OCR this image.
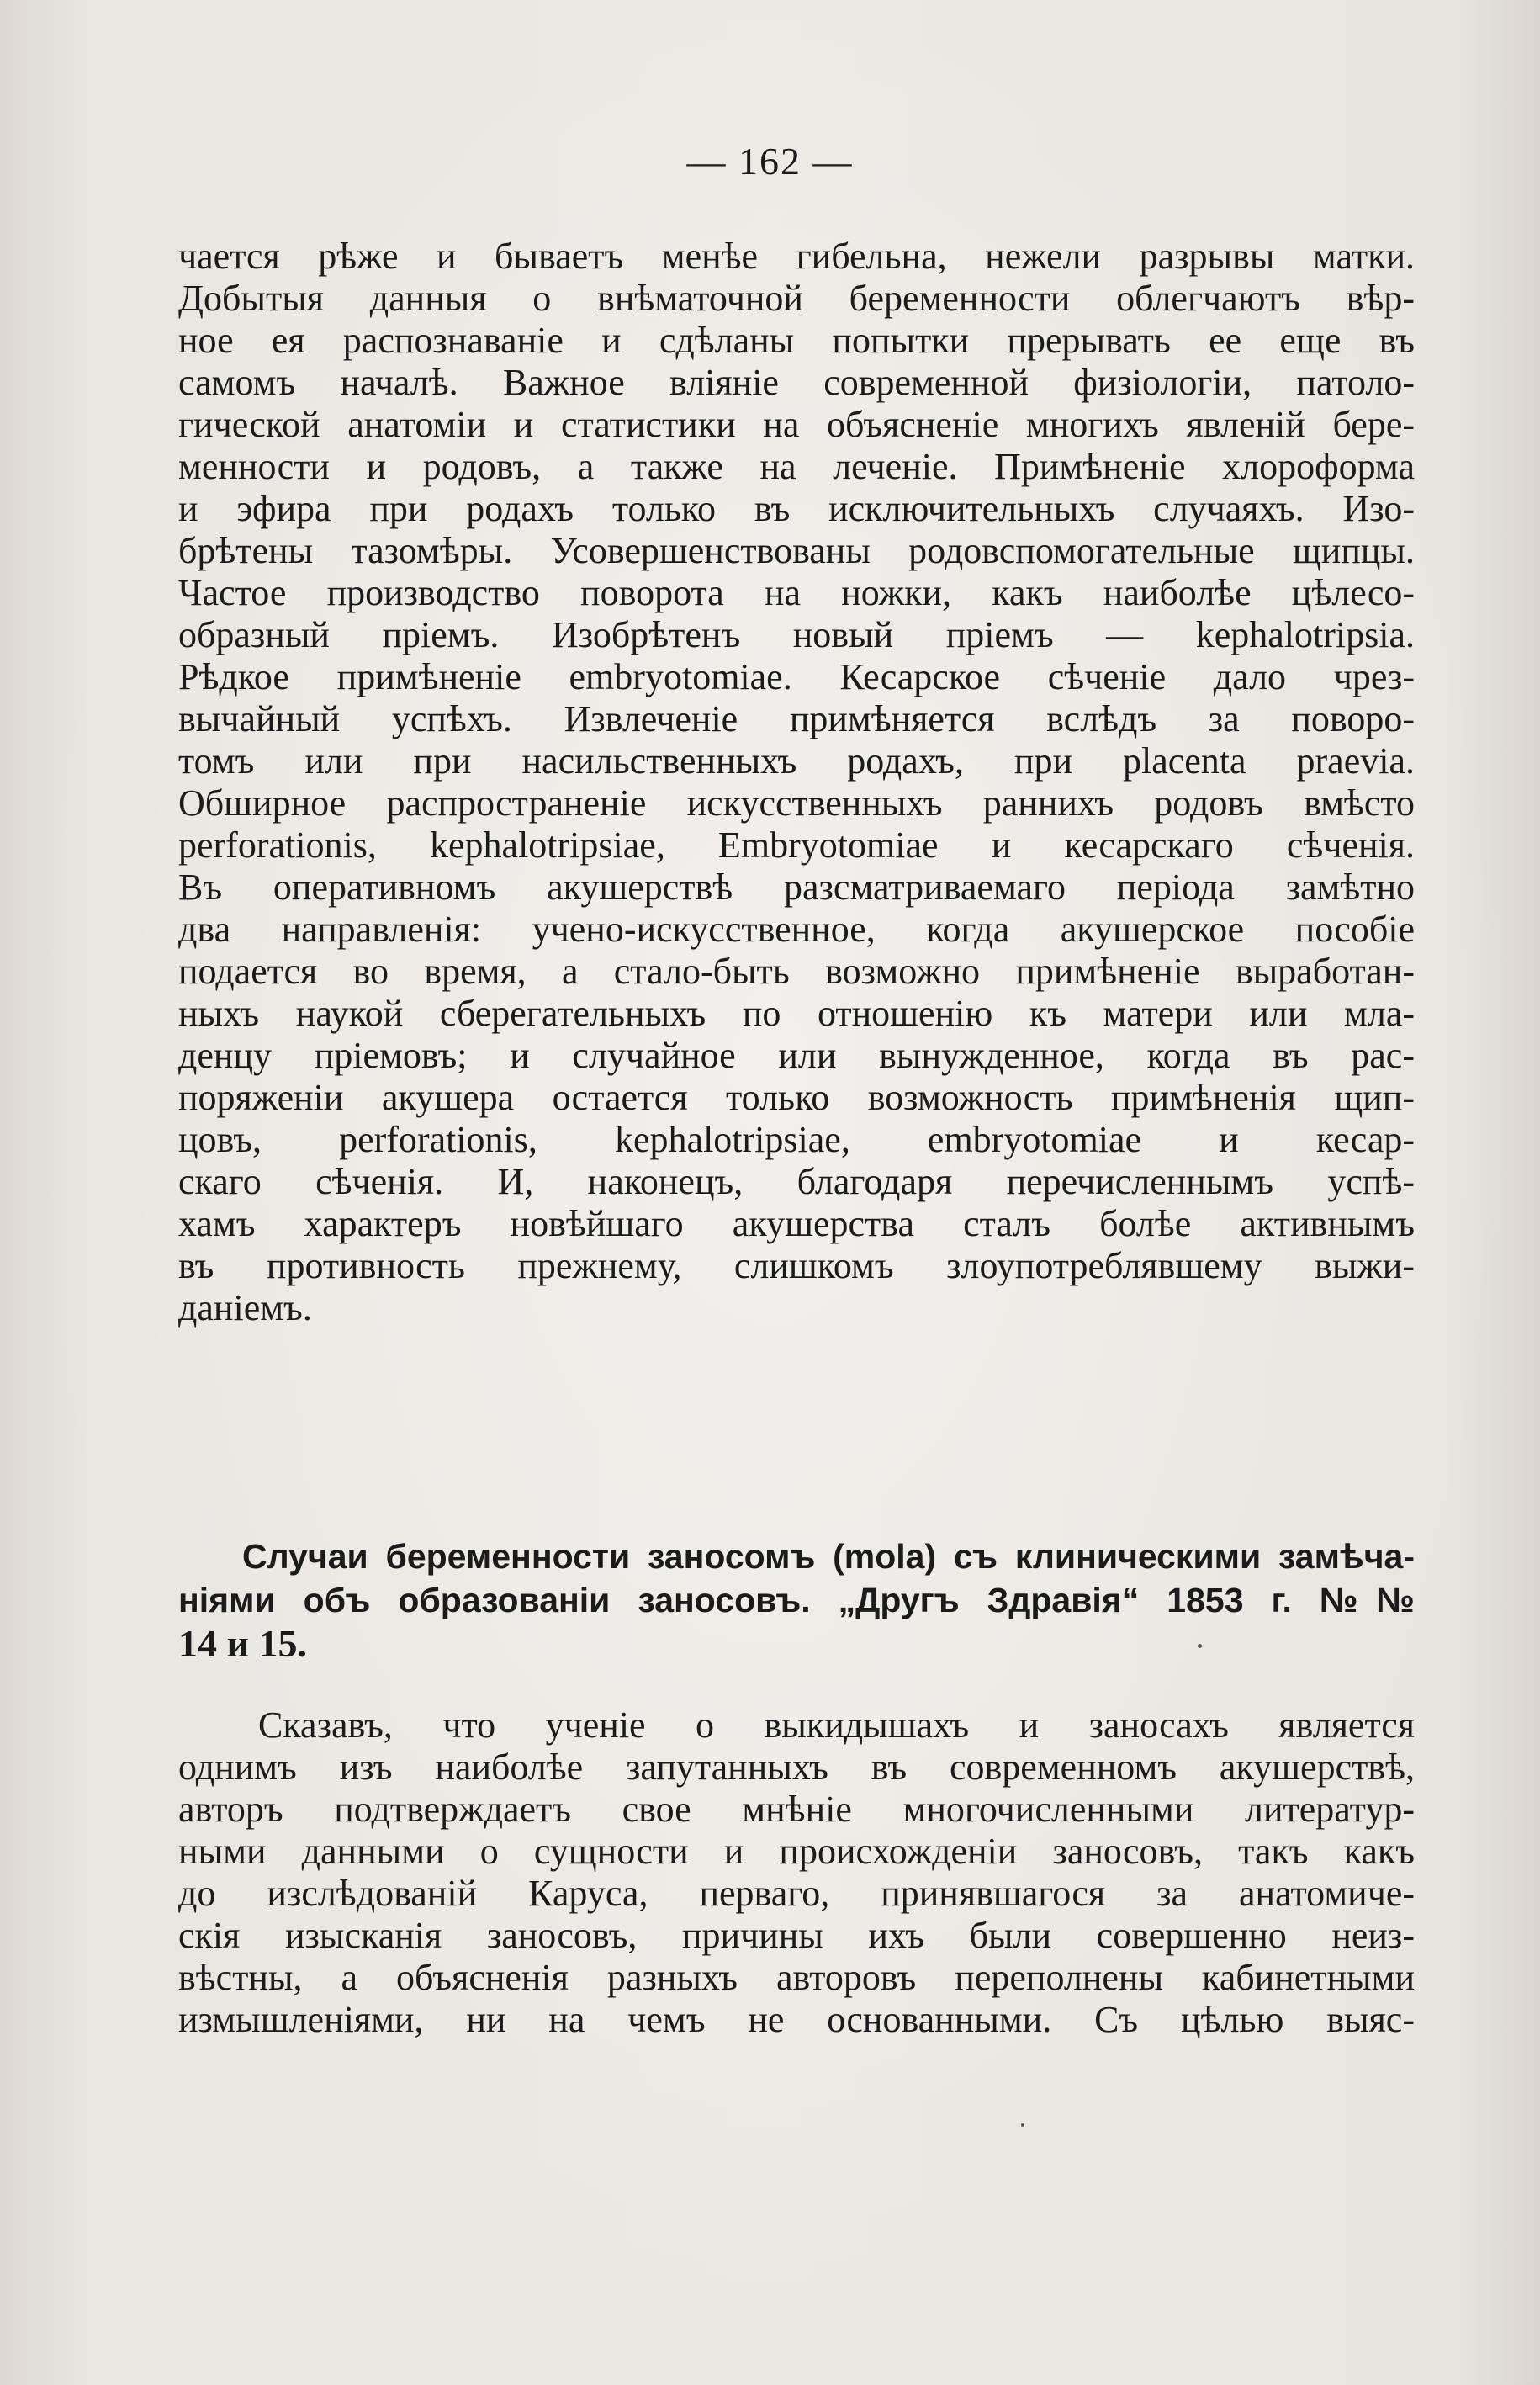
— 162 —
чается рѣже и бываетъ менѣе гибельна, нежели разрывы матки.
Добытыя данныя о внѣматочной беременности облегчаютъ вѣр-
ное ея распознаваніе и сдѣланы попытки прерывать ее еще въ
самомъ началѣ. Важное вліяніе современной физіологіи, патоло-
гической анатоміи и статистики на объясненіе многихъ явленій бере-
менности и родовъ, а также на леченіе. Примѣненіе хлороформа
и эфира при родахъ только въ исключительныхъ случаяхъ. Изо-
брѣтены тазомѣры. Усовершенствованы родовспомогательные щипцы.
Частое производство поворота на ножки, какъ наиболѣе цѣлесо-
образный пріемъ. Изобрѣтенъ новый пріемъ — kephalotripsia.
Рѣдкое примѣненіе embryotomiae. Кесарское сѣченіе дало чрез-
вычайный успѣхъ. Извлеченіе примѣняется вслѣдъ за поворо-
томъ или при насильственныхъ родахъ, при placenta praevia.
Обширное распространеніе искусственныхъ раннихъ родовъ вмѣсто
perforationis, kephalotripsiae, Embryotomiae и кесарскаго сѣченія.
Въ оперативномъ акушерствѣ разсматриваемаго періода замѣтно
два направленія: учено-искусственное, когда акушерское пособіе
подается во время, а стало-быть возможно примѣненіе выработан-
ныхъ наукой сберегательныхъ по отношенію къ матери или мла-
денцу пріемовъ; и случайное или вынужденное, когда въ рас-
поряженіи акушера остается только возможность примѣненія щип-
цовъ, perforationis, kephalotripsiae, embryotomiae и кесар-
скаго сѣченія. И, наконецъ, благодаря перечисленнымъ успѣ-
хамъ характеръ новѣйшаго акушерства сталъ болѣе активнымъ
въ противность прежнему, слишкомъ злоупотреблявшему выжи-
даніемъ.
Случаи беременности заносомъ (mola) съ клиническими замѣча-
ніями объ образованіи заносовъ. „Другъ Здравія“ 1853 г. №№
14 и 15.
Сказавъ, что ученіе о выкидышахъ и заносахъ является
однимъ изъ наиболѣе запутанныхъ въ современномъ акушерствѣ,
авторъ подтверждаетъ свое мнѣніе многочисленными литератур-
ными данными о сущности и происхожденіи заносовъ, такъ какъ
до изслѣдованій Каруса, перваго, принявшагося за анатомиче-
скія изысканія заносовъ, причины ихъ были совершенно неиз-
вѣстны, а объясненія разныхъ авторовъ переполнены кабинетными
измышленіями, ни на чемъ не основанными. Съ цѣлью выяс-
